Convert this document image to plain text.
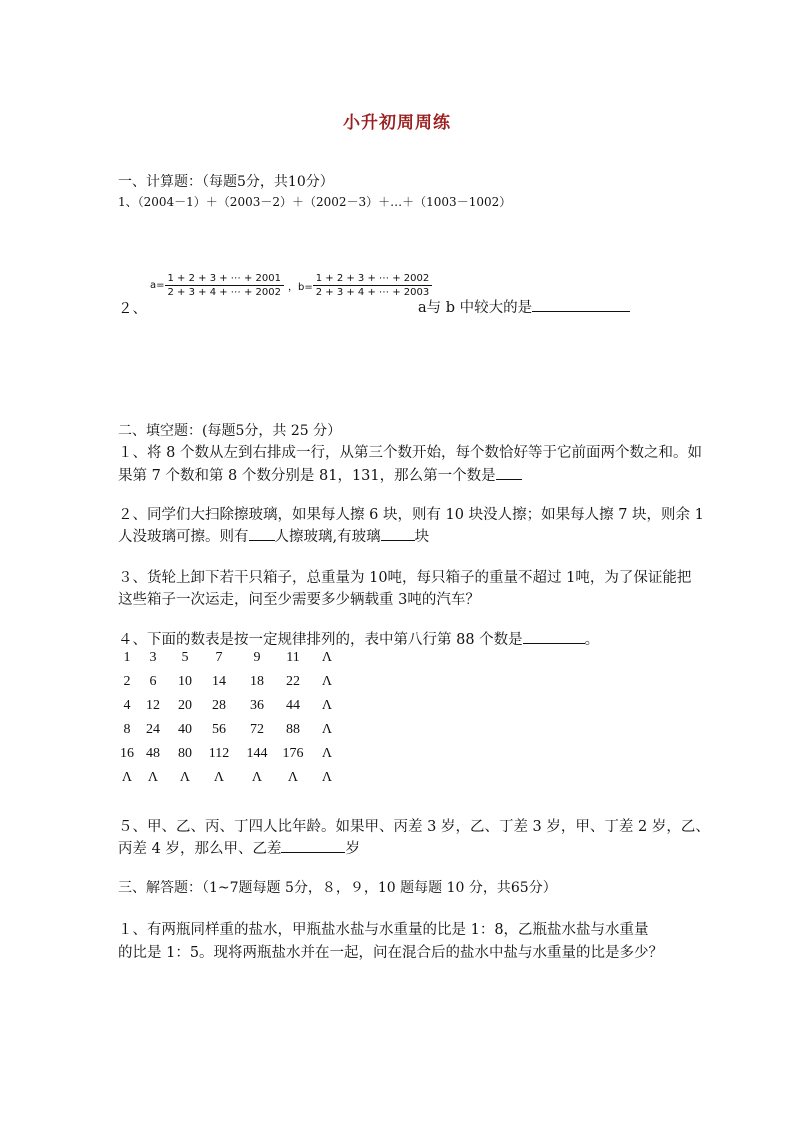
小升初周周练
一、计算题：（每题5分，共10分）
1、（2004－1）＋（2003－2）＋（2002－3）＋…＋（1003－1002）
２、
$a= \frac{1 + 2 + 3 + \cdots + 2001}{2 + 3 + 4 + \cdots + 2002}$ ，$b= \frac{1 + 2 + 3 + \cdots + 2002}{2 + 3 + 4 + \cdots + 2003}$
a与 b 中较大的是
二、填空题：(每题5分，共 25 分）
１、将 8 个数从左到右排成一行，从第三个数开始，每个数恰好等于它前面两个数之和。如
果第 7 个数和第 8 个数分别是 81，131，那么第一个数是
２、同学们大扫除擦玻璃，如果每人擦 6 块，则有 10 块没人擦；如果每人擦 7 块，则余 1
人没玻璃可擦。则有 人擦玻璃,有玻璃 块
３、货轮上卸下若干只箱子，总重量为 10吨，每只箱子的重量不超过 1吨，为了保证能把
这些箱子一次运走，问至少需要多少辆载重 3吨的汽车？
４、下面的数表是按一定规律排列的，表中第八行第 88 个数是	。
1	3	5	7	9	11	Λ
2	6	10	14	18	22	Λ
4	12	20	28	36	44	Λ
8	24	40	56	72	88	Λ
16 48	80	112	144	176	Λ
Λ	Λ	Λ	Λ	Λ	Λ	Λ
５、甲、乙、丙、丁四人比年龄。如果甲、丙差 3 岁，乙、丁差 3 岁，甲、丁差 2 岁，乙、
丙差 4 岁，那么甲、乙差	岁
三、解答题：（1~7题每题 5分，８，９，10 题每题 10 分，共65分）
１、有两瓶同样重的盐水，甲瓶盐水盐与水重量的比是 1：8，乙瓶盐水盐与水重量
的比是 1：5。现将两瓶盐水并在一起，问在混合后的盐水中盐与水重量的比是多少？
